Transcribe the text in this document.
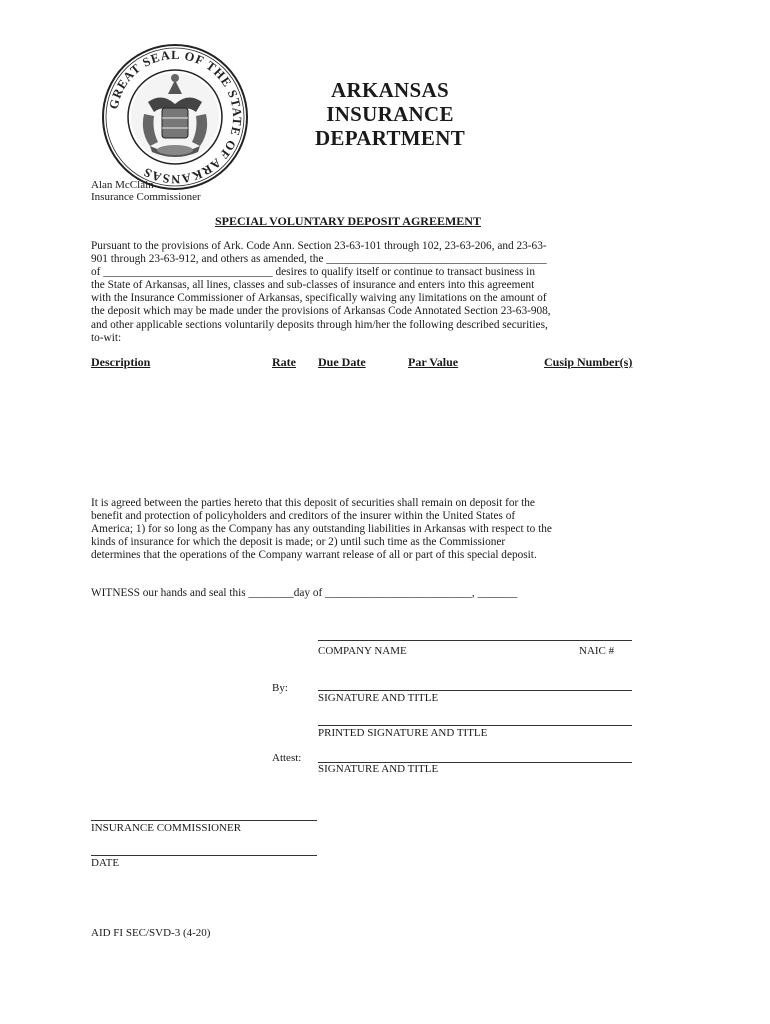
GREAT SEAL OF THE STATE OF ARKANSAS
ARKANSAS
INSURANCE
DEPARTMENT
Alan McClain
Insurance Commissioner
SPECIAL VOLUNTARY DEPOSIT AGREEMENT
Pursuant to the provisions of Ark. Code Ann. Section 23-63-101 through 102, 23-63-206, and 23-63-
901 through 23-63-912, and others as amended, the _______________________________________
of ______________________________ desires to qualify itself or continue to transact business in
the State of Arkansas, all lines, classes and sub-classes of insurance and enters into this agreement
with the Insurance Commissioner of Arkansas, specifically waiving any limitations on the amount of
the deposit which may be made under the provisions of Arkansas Code Annotated Section 23-63-908,
and other applicable sections voluntarily deposits through him/her the following described securities,
to-wit:
Description	Rate Due Date	Par Value	Cusip Number(s)
It is agreed between the parties hereto that this deposit of securities shall remain on deposit for the
benefit and protection of policyholders and creditors of the insurer within the United States of
America; 1) for so long as the Company has any outstanding liabilities in Arkansas with respect to the
kinds of insurance for which the deposit is made; or 2) until such time as the Commissioner
determines that the operations of the Company warrant release of all or part of this special deposit.
WITNESS our hands and seal this ________day of __________________________, _______
COMPANY NAME	NAIC #
By:
SIGNATURE AND TITLE
PRINTED SIGNATURE AND TITLE
Attest:
SIGNATURE AND TITLE
INSURANCE COMMISSIONER
DATE
AID FI SEC/SVD-3 (4-20)
